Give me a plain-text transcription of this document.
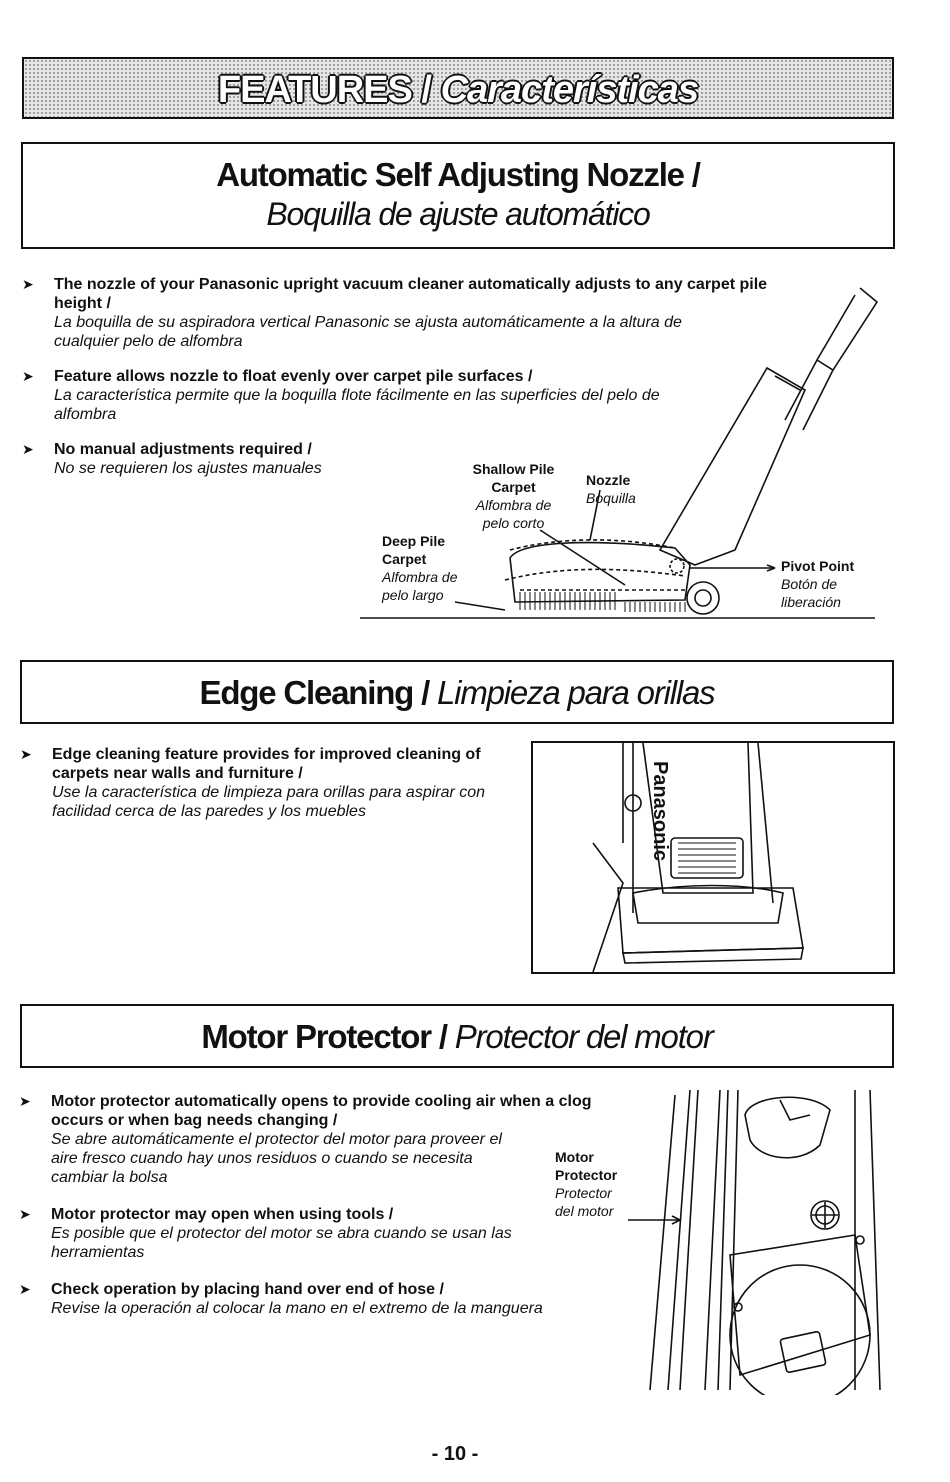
FEATURES / Características
Automatic Self Adjusting Nozzle /
Boquilla de ajuste automático
➤ The nozzle of your Panasonic upright vacuum cleaner automatically adjusts to any carpet pile height /
La boquilla de su aspiradora vertical Panasonic se ajusta automáticamente a la altura de cualquier pelo de alfombra
➤ Feature allows nozzle to float evenly over carpet pile surfaces /
La característica permite que la boquilla flote fácilmente en las superficies del pelo de alfombra
➤ No manual adjustments required /
No se requieren los ajustes manuales	Shallow Pile Carpet
Alfombra de pelo corto
Nozzle
Boquilla
Deep Pile Carpet
Alfombra de pelo largo
Pivot Point
Botón de liberación
Edge Cleaning / Limpieza para orillas
➤ Edge cleaning feature provides for improved cleaning of carpets near walls and furniture /
Use la característica de limpieza para orillas para aspirar con facilidad cerca de las paredes y los muebles	Panasonic
Motor Protector / Protector del motor
➤ Motor protector automatically opens to provide cooling air when a clog occurs or when bag needs changing /
Se abre automáticamente el protector del motor para proveer el aire fresco cuando hay unos residuos o cuando se necesita cambiar la bolsa
➤ Motor protector may open when using tools /
Es posible que el protector del motor se abra cuando se usan las herramientas
➤ Check operation by placing hand over end of hose /
Revise la operación al colocar la mano en el extremo de la manguera
Motor Protector
Protector del motor
- 10 -
